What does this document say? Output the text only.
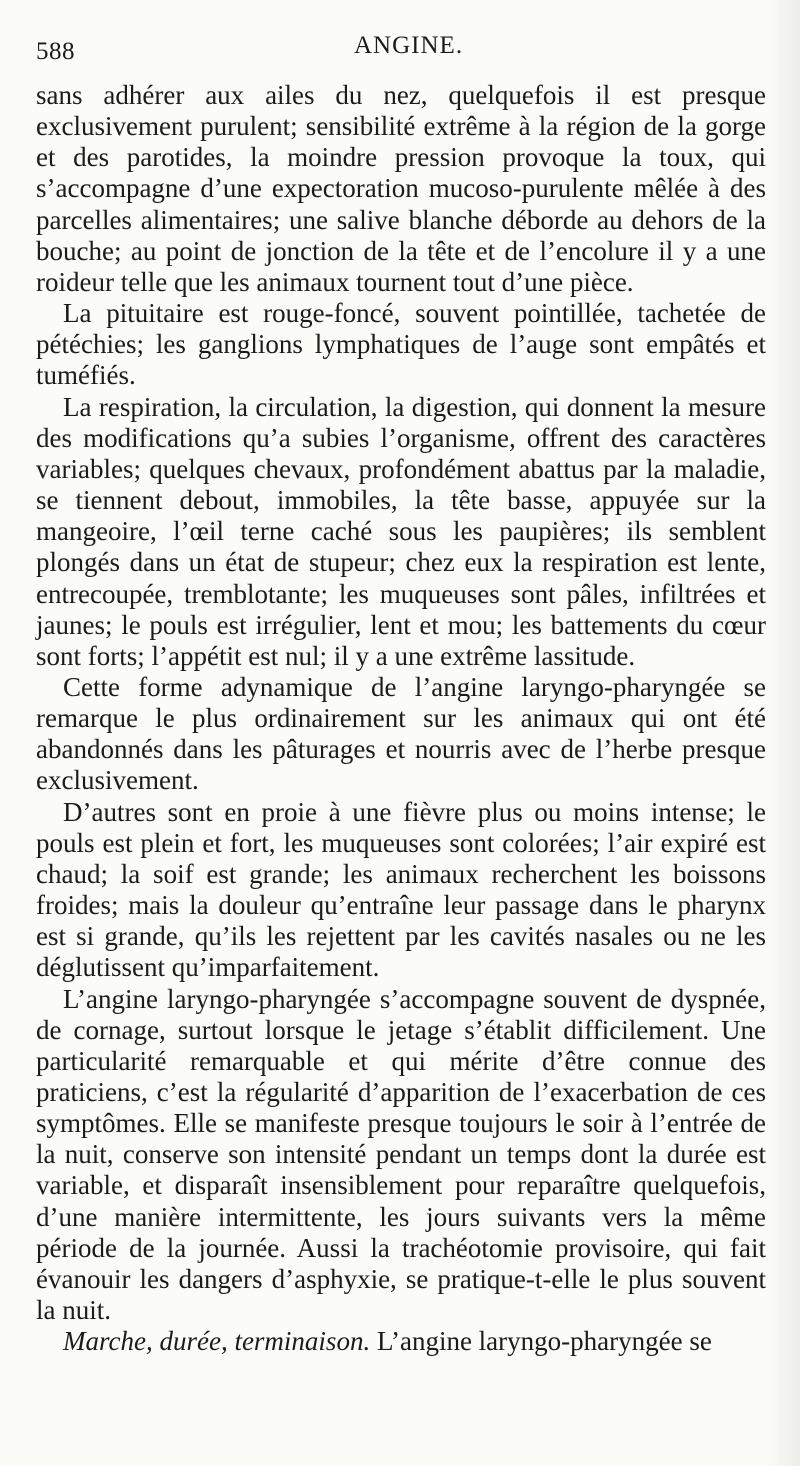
588	ANGINE.

sans adhérer aux ailes du nez, quelquefois il est presque exclusivement purulent; sensibilité extrême à la région de la gorge et des parotides, la moindre pression provoque la toux, qui s’accompagne d’une expectoration mucoso-purulente mêlée à des parcelles alimentaires; une salive blanche déborde au dehors de la bouche; au point de jonction de la tête et de l’encolure il y a une roideur telle que les animaux tournent tout d’une pièce.

La pituitaire est rouge-foncé, souvent pointillée, tachetée de pétéchies; les ganglions lymphatiques de l’auge sont empâtés et tuméfiés.

La respiration, la circulation, la digestion, qui donnent la mesure des modifications qu’a subies l’organisme, offrent des caractères variables; quelques chevaux, profondément abattus par la maladie, se tiennent debout, immobiles, la tête basse, appuyée sur la mangeoire, l’œil terne caché sous les paupières; ils semblent plongés dans un état de stupeur; chez eux la respiration est lente, entrecoupée, tremblotante; les muqueuses sont pâles, infiltrées et jaunes; le pouls est irrégulier, lent et mou; les battements du cœur sont forts; l’appétit est nul; il y a une extrême lassitude.

Cette forme adynamique de l’angine laryngo-pharyngée se remarque le plus ordinairement sur les animaux qui ont été abandonnés dans les pâturages et nourris avec de l’herbe presque exclusivement.

D’autres sont en proie à une fièvre plus ou moins intense; le pouls est plein et fort, les muqueuses sont colorées; l’air expiré est chaud; la soif est grande; les animaux recherchent les boissons froides; mais la douleur qu’entraîne leur passage dans le pharynx est si grande, qu’ils les rejettent par les cavités nasales ou ne les déglutissent qu’imparfaitement.

L’angine laryngo-pharyngée s’accompagne souvent de dyspnée, de cornage, surtout lorsque le jetage s’établit difficilement. Une particularité remarquable et qui mérite d’être connue des praticiens, c’est la régularité d’apparition de l’exacerbation de ces symptômes. Elle se manifeste presque toujours le soir à l’entrée de la nuit, conserve son intensité pendant un temps dont la durée est variable, et disparaît insensiblement pour reparaître quelquefois, d’une manière intermittente, les jours suivants vers la même période de la journée. Aussi la trachéotomie provisoire, qui fait évanouir les dangers d’asphyxie, se pratique-t-elle le plus souvent la nuit.

Marche, durée, terminaison. L’angine laryngo-pharyngée se
